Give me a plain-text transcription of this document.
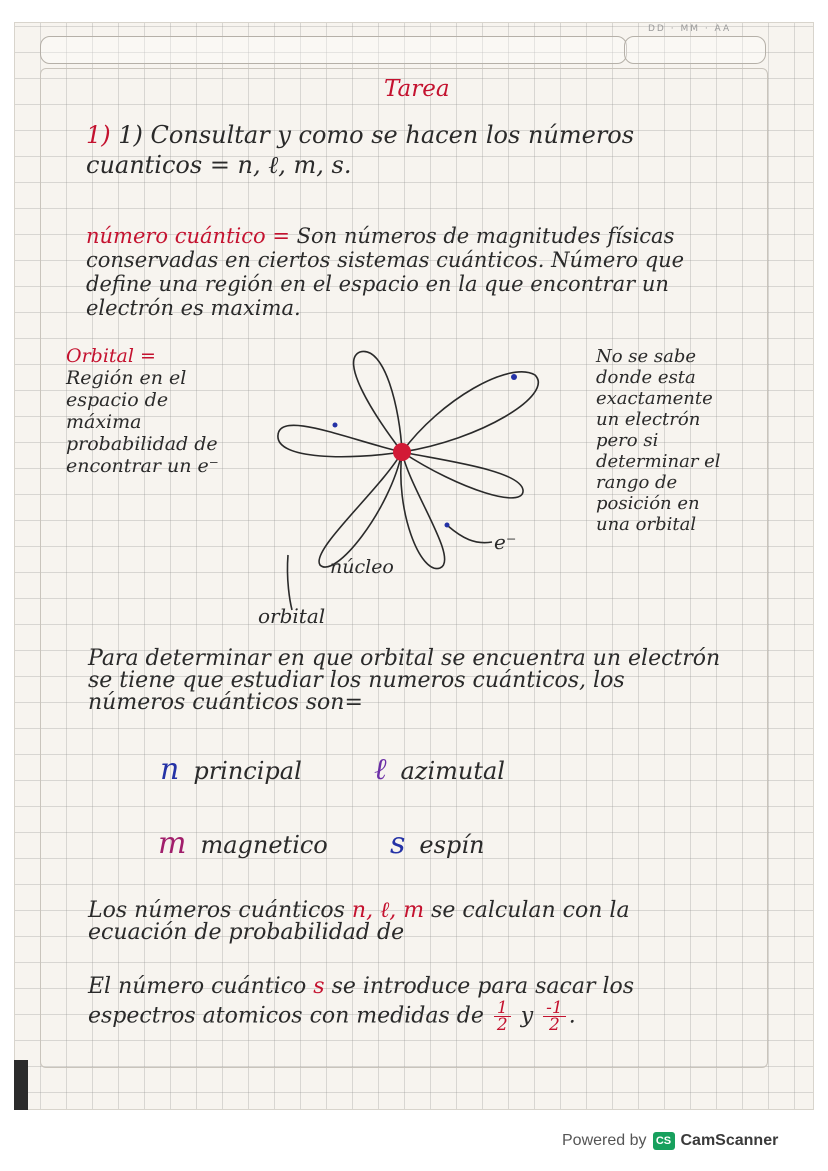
DD · MM · AA
Tarea
1) 1) Consultar y como se hacen los números
cuanticos = n, ℓ, m, s.
número cuántico = Son números de magnitudes físicas conservadas en ciertos sistemas cuánticos. Número que define una región en el espacio en la que encontrar un electrón es maxima.
Orbital =
Región en el espacio de máxima probabilidad de encontrar un e⁻
núcleo
orbital
e⁻
No se sabe donde esta exactamente un electrón pero si determinar el rango de posición en una orbital
Para determinar en que orbital se encuentra un electrón se tiene que estudiar los numeros cuánticos, los números cuánticos son=
n principal ℓ azimutal
m magnetico s espín
Los números cuánticos n, ℓ, m se calculan con la ecuación de probabilidad de
El número cuántico s se introduce para sacar los espectros atomicos con medidas de $\frac{1}{2}$ y $\frac{-1}{2}$ .
Powered by CS CamScanner
